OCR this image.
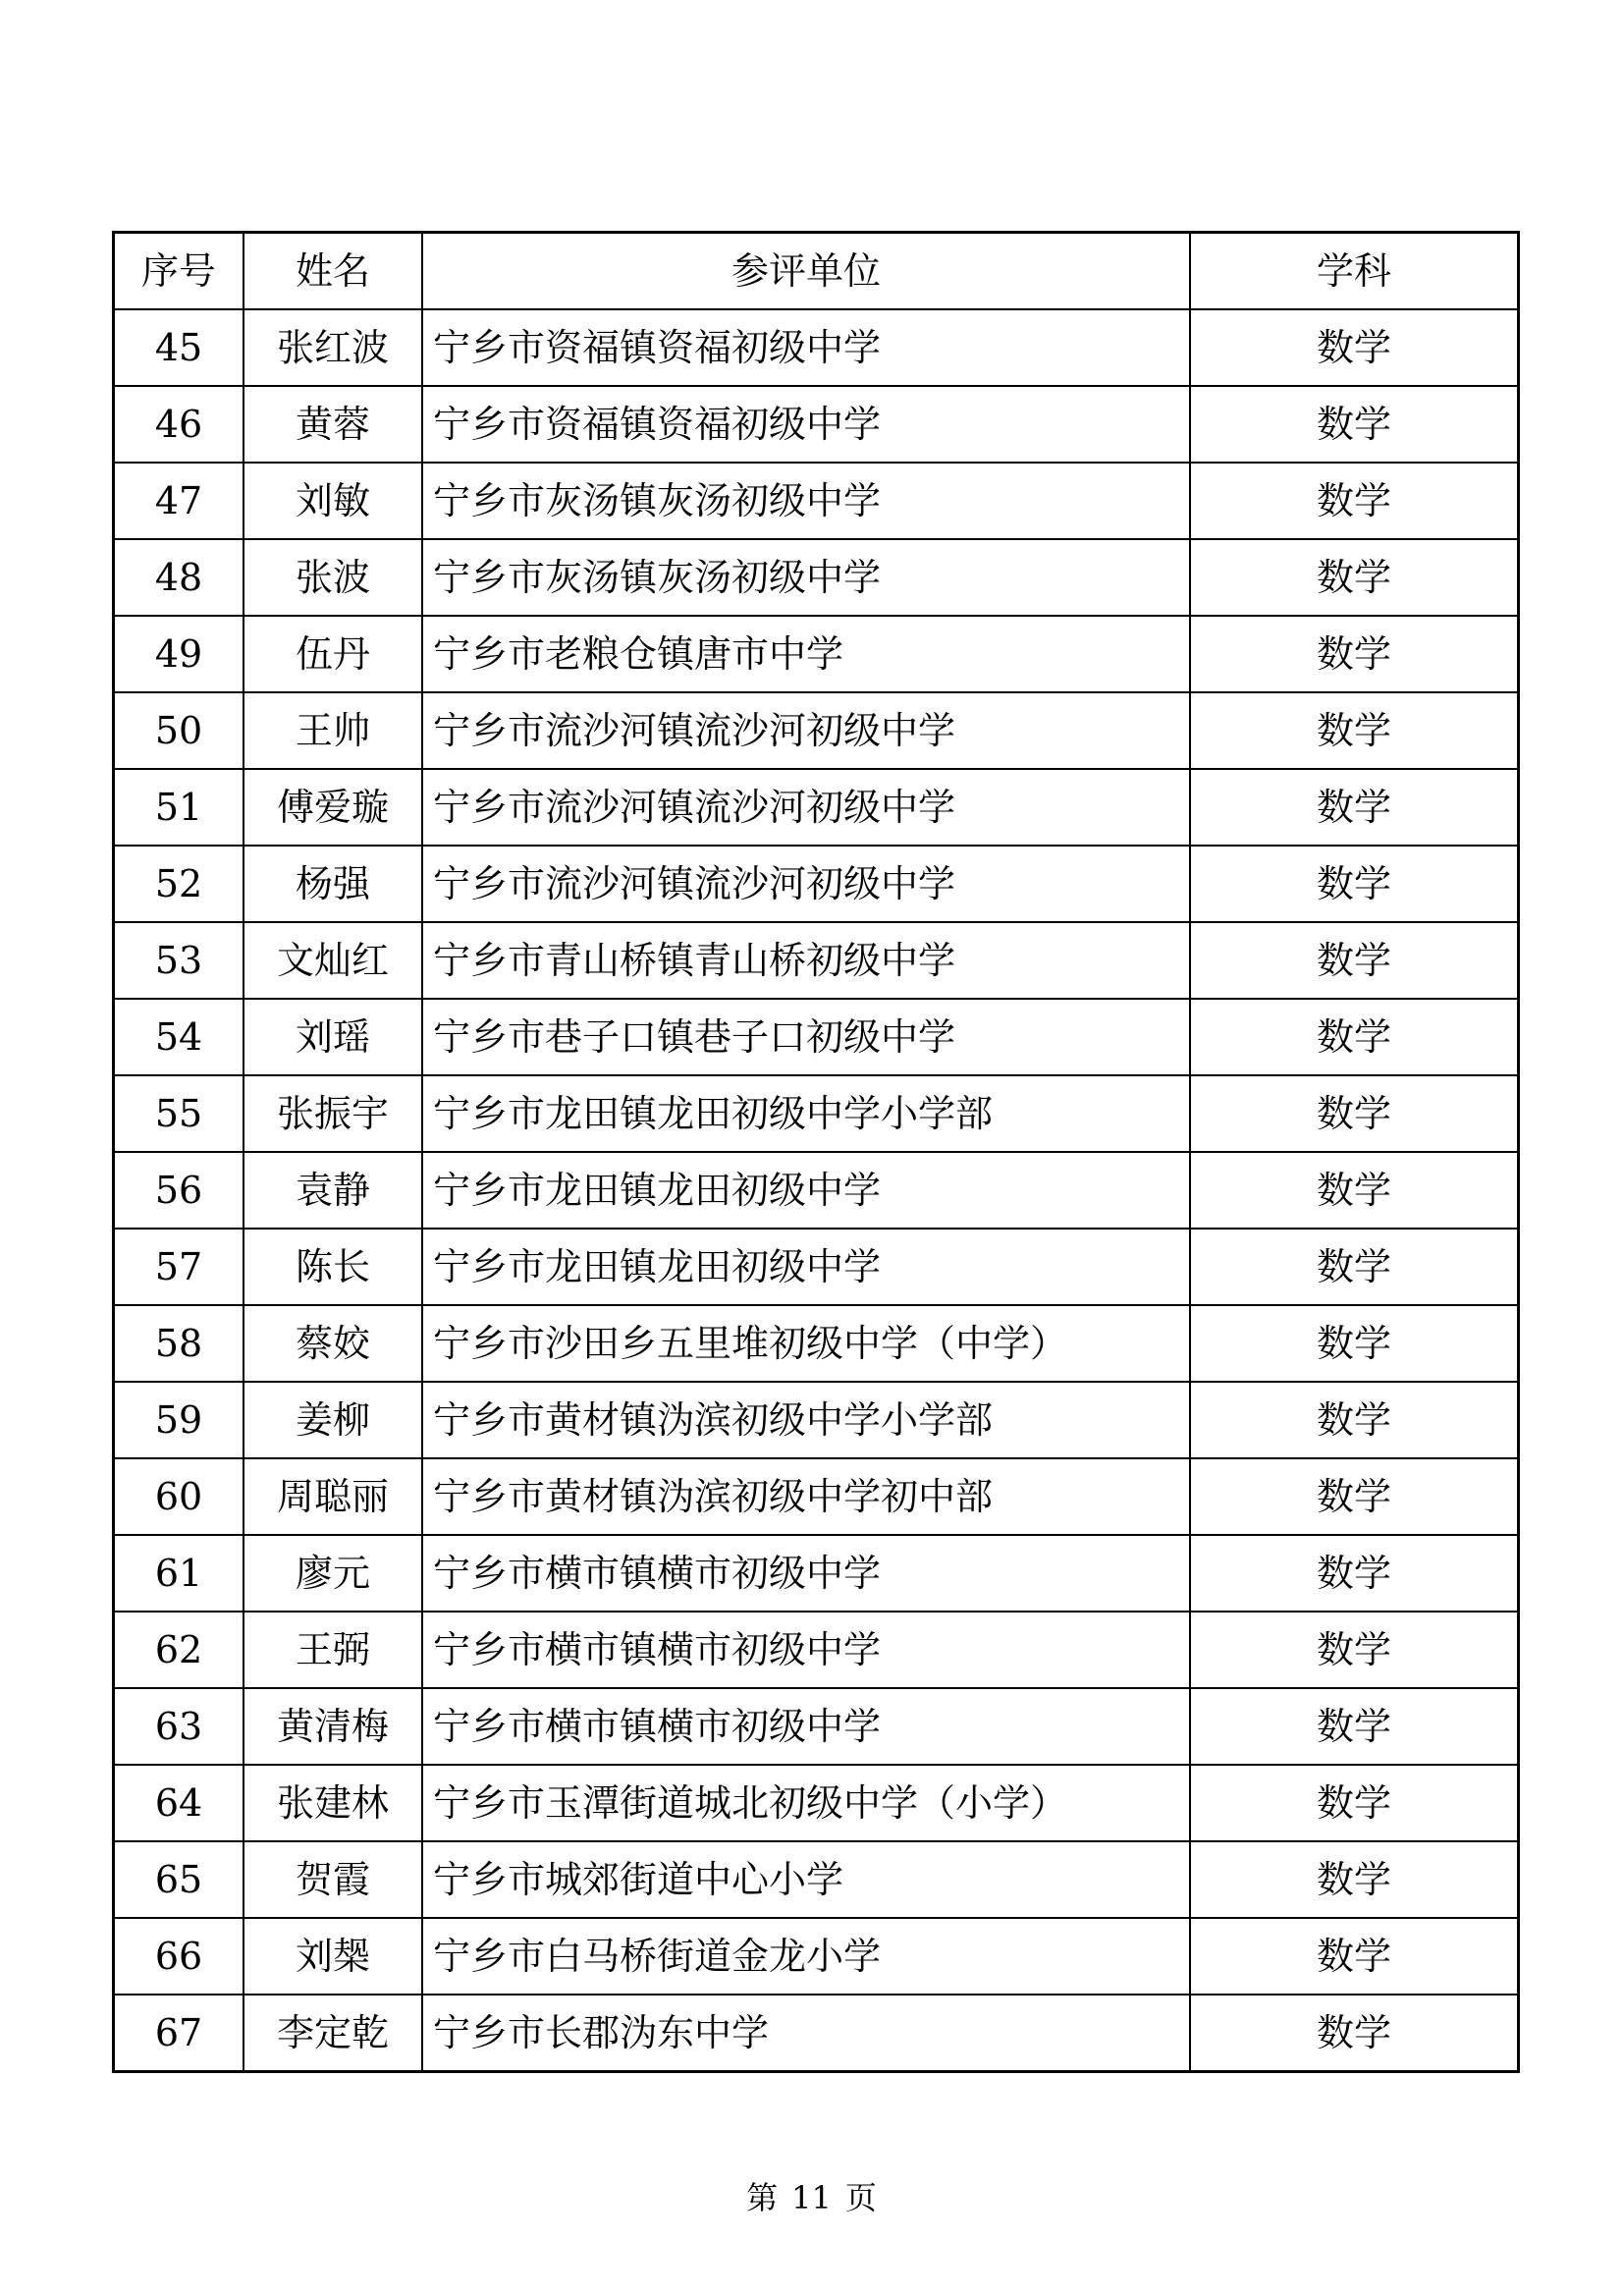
序号	姓名	参评单位	学科
45	张红波	宁乡市资福镇资福初级中学	数学
46	黄蓉	宁乡市资福镇资福初级中学	数学
47	刘敏	宁乡市灰汤镇灰汤初级中学	数学
48	张波	宁乡市灰汤镇灰汤初级中学	数学
49	伍丹	宁乡市老粮仓镇唐市中学	数学
50	王帅	宁乡市流沙河镇流沙河初级中学	数学
51	傅爱璇	宁乡市流沙河镇流沙河初级中学	数学
52	杨强	宁乡市流沙河镇流沙河初级中学	数学
53	文灿红	宁乡市青山桥镇青山桥初级中学	数学
54	刘瑶	宁乡市巷子口镇巷子口初级中学	数学
55	张振宇	宁乡市龙田镇龙田初级中学小学部	数学
56	袁静	宁乡市龙田镇龙田初级中学	数学
57	陈长	宁乡市龙田镇龙田初级中学	数学
58	蔡姣	宁乡市沙田乡五里堆初级中学（中学）	数学
59	姜柳	宁乡市黄材镇沩滨初级中学小学部	数学
60	周聪丽	宁乡市黄材镇沩滨初级中学初中部	数学
61	廖元	宁乡市横市镇横市初级中学	数学
62	王弼	宁乡市横市镇横市初级中学	数学
63	黄清梅	宁乡市横市镇横市初级中学	数学
64	张建林	宁乡市玉潭街道城北初级中学（小学）	数学
65	贺霞	宁乡市城郊街道中心小学	数学
66	刘椝	宁乡市白马桥街道金龙小学	数学
67	李定乾	宁乡市长郡沩东中学	数学
第 11 页
